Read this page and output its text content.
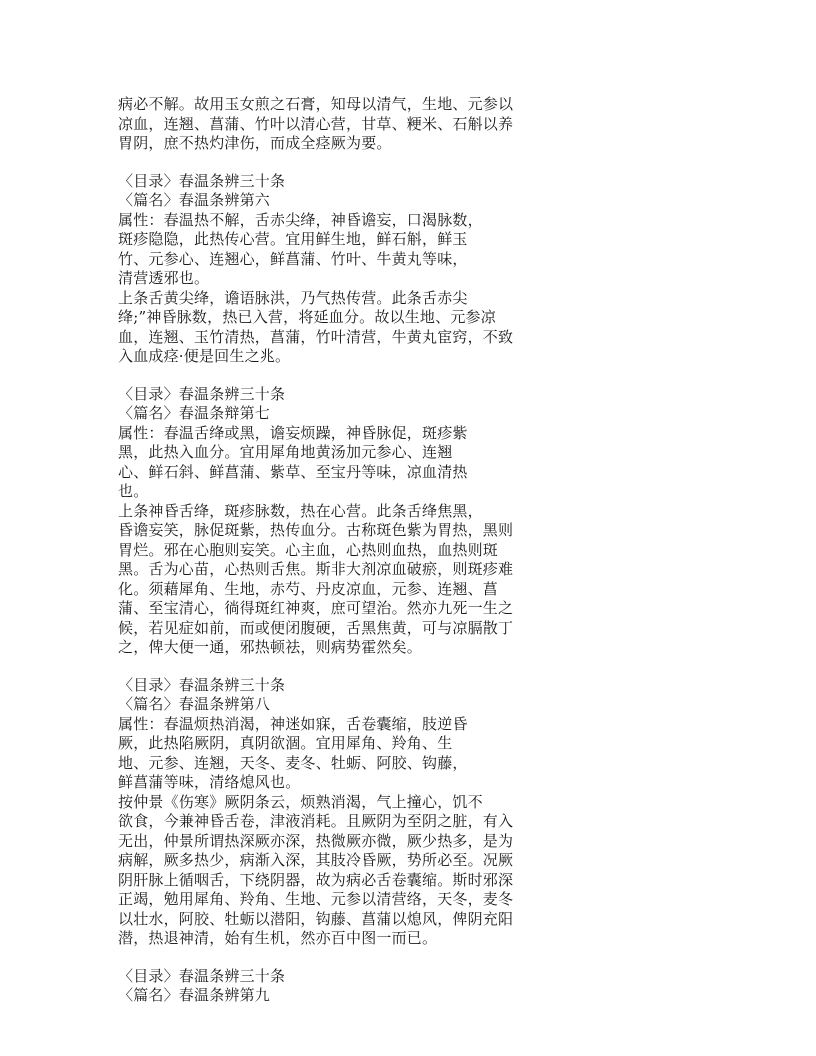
病必不解。故用玉女煎之石膏，知母以清气，生地、元参以
凉血，连翘、菖蒲、竹叶以清心营，甘草、粳米、石斛以养
胃阴，庶不热灼津伤，而成全痉厥为要。
〈目录〉春温条辨三十条
〈篇名〉春温条辨第六
属性：春温热不解，舌赤尖绛，神昏谵妄，口渴脉数，
斑疹隐隐，此热传心营。宜用鲜生地，鲜石斛，鲜玉
竹、元参心、连翘心，鲜菖蒲、竹叶、牛黄丸等味，
清营透邪也。
上条舌黄尖绛，谵语脉洪，乃气热传营。此条舌赤尖
绛;”神昏脉数，热已入营，将延血分。故以生地、元参凉
血，连翘、玉竹清热，菖蒲，竹叶清营，牛黄丸宦窍，不致
入血成痉·便是回生之兆。
〈目录〉春温条辨三十条
〈篇名〉春温条辩第七
属性：春温舌绛或黑，谵妄烦躁，神昏脉促，斑疹紫
黑，此热入血分。宜用犀角地黄汤加元参心、连翘
心、鲜石斜、鲜菖蒲、紫草、至宝丹等味，凉血清热
也。
上条神昏舌绛，斑疹脉数，热在心营。此条舌绛焦黑，
昏谵妄笑，脉促斑紫，热传血分。古称斑色紫为胃热，黑则
胃烂。邪在心胞则妄笑。心主血，心热则血热，血热则斑
黑。舌为心苗，心热则舌焦。斯非大剂凉血破瘀，则斑疹难
化。须藉犀角、生地，赤芍、丹皮凉血，元参、连翘、菖
蒲、至宝清心，徜得斑红神爽，庶可望治。然亦九死一生之
候，若见症如前，而或便闭腹硬，舌黑焦黄，可与凉膈散丁
之，俾大便一通，邪热顿祛，则病势霍然矣。
〈目录〉春温条辨三十条
〈篇名〉春温条辨第八
属性：春温烦热消渴，神迷如寐，舌卷囊缩，肢逆昏
厥，此热陷厥阴，真阴欲涸。宜用犀角、羚角、生
地、元参、连翘，天冬、麦冬、牡蛎、阿胶、钩藤，
鲜菖蒲等味，清络熄风也。
按仲景《伤寒》厥阴条云，烦熟消渴，气上撞心，饥不
欲食，今兼神昏舌卷，津液消耗。且厥阴为至阴之脏，有入
无出，仲景所谓热深厥亦深，热微厥亦微，厥少热多，是为
病解，厥多热少，病渐入深，其肢冷昏厥，势所必至。况厥
阴肝脉上循咽舌，下绕阴器，故为病必舌卷囊缩。斯时邪深
正竭，勉用犀角、羚角、生地、元参以清营络，天冬，麦冬
以壮水，阿胶、牡蛎以潜阳，钩藤、菖蒲以熄风，俾阴充阳
潜，热退神清，始有生机，然亦百中图一而已。
〈目录〉春温条辨三十条
〈篇名〉春温条辨第九
